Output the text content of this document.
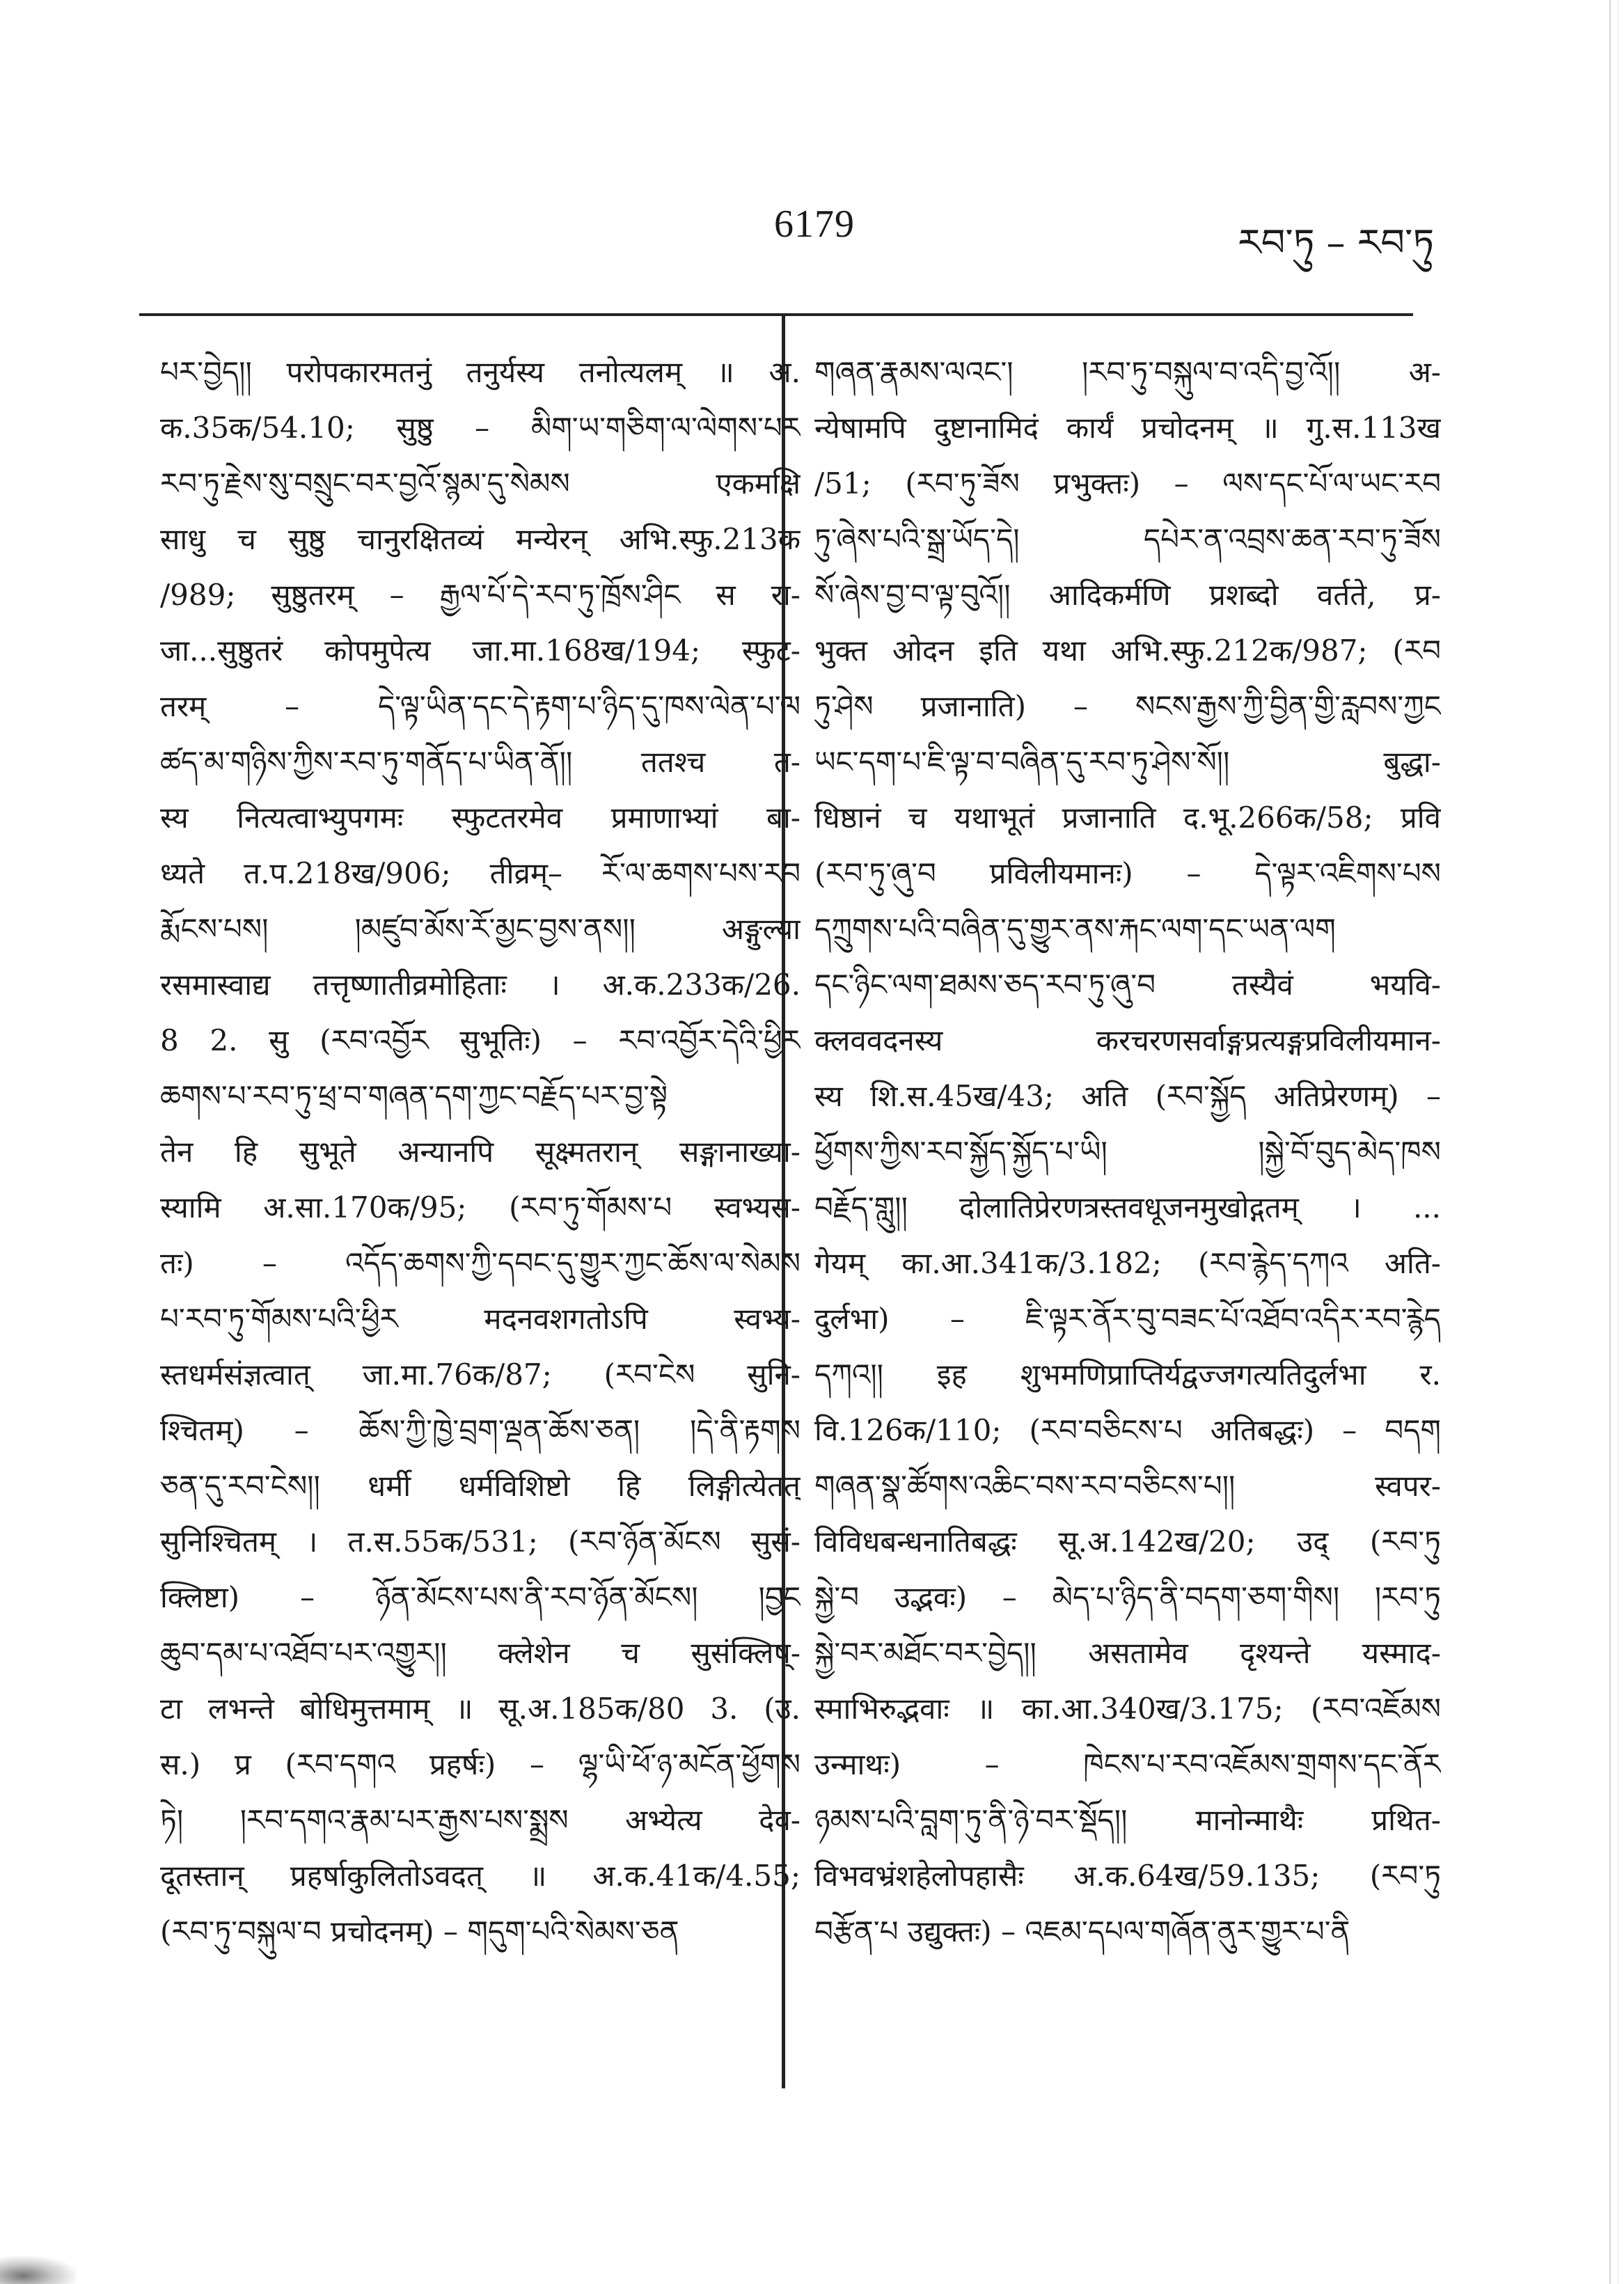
6179	རབ་ཏུ – རབ་ཏུ
པར་བྱེད།། परोपकारमतनुं तनुर्यस्य तनोत्यलम् ॥ अ.
क.35क/54.10; सुष्ठु – མིག་ཡ་གཅིག་ལ་ལེགས་པར
རབ་ཏུ་རྗེས་སུ་བསྲུང་བར་བྱའོ་སྙམ་དུ་སེམས एकमक्षि
साधु च सुष्ठु चानुरक्षितव्यं मन्येरन् अभि.स्फु.213क
/989; सुष्ठुतरम् – རྒྱལ་པོ་དེ་རབ་ཏུ་ཁྲོས་ཤིང स रा-
जा...सुष्ठुतरं कोपमुपेत्य जा.मा.168ख/194; स्फुट-
तरम् – དེ་ལྟ་ཡིན་དང་དེ་རྟག་པ་ཉིད་དུ་ཁས་ལེན་པ་ལ
ཚད་མ་གཉིས་ཀྱིས་རབ་ཏུ་གནོད་པ་ཡིན་ནོ།། ततश्च त-
स्य नित्यत्वाभ्युपगमः स्फुटतरमेव प्रमाणाभ्यां बा-
ध्यते त.प.218ख/906; तीव्रम्– རོ་ལ་ཆགས་པས་རབ
རྨོངས་པས། །མཛུབ་མོས་རོ་མྱང་བྱས་ནས།། अङ्गुल्या
रसमास्वाद्य तत्तृष्णातीव्रमोहिताः । अ.क.233क/26.
8 2. सु (རབ་འབྱོར सुभूतिः) – རབ་འབྱོར་དེའི་ཕྱིར
ཆགས་པ་རབ་ཏུ་ཕྲ་བ་གཞན་དག་ཀྱང་བརྗོད་པར་བྱ་སྟེ
तेन हि सुभूते अन्यानपि सूक्ष्मतरान् सङ्गानाख्या-
स्यामि अ.सा.170क/95; (རབ་ཏུ་གོམས་པ स्वभ्यस-
तः) – འདོད་ཆགས་ཀྱི་དབང་དུ་གྱུར་ཀྱང་ཆོས་ལ་སེམས
པ་རབ་ཏུ་གོམས་པའི་ཕྱིར मदनवशगतोऽपि स्वभ्य-
स्तधर्मसंज्ञत्वात् जा.मा.76क/87; (རབ་ངེས सुनि-
श्चितम्) – ཆོས་ཀྱི་ཁྱེ་བྲག་ལྡན་ཆོས་ཅན། །དེ་ནི་རྟགས
ཅན་དུ་རབ་ངེས།། धर्मी धर्मविशिष्टो हि लिङ्गीत्येतत्
सुनिश्चितम् । त.स.55क/531; (རབ་ཉོན་མོངས सुसं-
क्लिष्टा) – ཉོན་མོངས་པས་ནི་རབ་ཉོན་མོངས། །བྱང
ཆུབ་དམ་པ་འཐོབ་པར་འགྱུར།། क्लेशेन च सुसंक्लिष्-
टा लभन्ते बोधिमुत्तमाम् ॥ सू.अ.185क/80 3. (उ.
स.) प्र (རབ་དགའ प्रहर्षः) – ལྷ་ཡི་ཕོ་ཉ་མངོན་ཕྱོགས
ཏེ། །རབ་དགའ་རྣམ་པར་རྒྱས་པས་སྨྲས अभ्येत्य देव-
दूतस्तान् प्रहर्षाकुलितोऽवदत् ॥ अ.क.41क/4.55;
(རབ་ཏུ་བསྐུལ་བ प्रचोदनम्) – གདུག་པའི་སེམས་ཅན
གཞན་རྣམས་ལའང་། །རབ་ཏུ་བསྐུལ་བ་འདི་བྱ་འོ།། अ-
न्येषामपि दुष्टानामिदं कार्यं प्रचोदनम् ॥ गु.स.113ख
/51; (རབ་ཏུ་ཟོས प्रभुक्तः) – ལས་དང་པོ་ལ་ཡང་རབ
ཏུ་ཞེས་པའི་སྒྲ་ཡོད་དེ། དཔེར་ན་འབྲས་ཆན་རབ་ཏུ་ཟོས
སོ་ཞེས་བྱ་བ་ལྟ་བུའོ།། आदिकर्मणि प्रशब्दो वर्तते, प्र-
भुक्त ओदन इति यथा अभि.स्फु.212क/987; (རབ
ཏུ་ཤེས प्रजानाति) – སངས་རྒྱས་ཀྱི་བྱིན་གྱི་རླབས་ཀྱང
ཡང་དག་པ་ཇི་ལྟ་བ་བཞིན་དུ་རབ་ཏུ་ཤེས་སོ།། बुद्धा-
धिष्ठानं च यथाभूतं प्रजानाति द.भू.266क/58; प्रवि
(རབ་ཏུ་ཞུ་བ प्रविलीयमानः) – དེ་ལྟར་འཇིགས་པས
དཀྲུགས་པའི་བཞིན་དུ་གྱུར་ནས་རྐང་ལག་དང་ཡན་ལག
དང་ཉིང་ལག་ཐམས་ཅད་རབ་ཏུ་ཞུ་བ तस्यैवं भयवि-
क्लववदनस्य करचरणसर्वाङ्गप्रत्यङ्गप्रविलीयमान-
स्य शि.स.45ख/43; अति (རབ་སྐྱོད अतिप्रेरणम्) –
ཕྱོགས་ཀྱིས་རབ་སྐྱོད་སྐྱོད་པ་ཡི། །སྐྱེ་བོ་བུད་མེད་ཁས
བརྗོད་གླུ།། दोलातिप्रेरणत्रस्तवधूजनमुखोद्गतम् । ...
गेयम् का.आ.341क/3.182; (རབ་རྙེད་དཀའ अति-
दुर्लभा) – ཇི་ལྟར་ནོར་བུ་བཟང་པོ་འཐོབ་འདིར་རབ་རྙེད
དཀའ།། इह शुभमणिप्राप्तिर्यद्वज्जगत्यतिदुर्लभा र.
वि.126क/110; (རབ་བཅིངས་པ अतिबद्धः) – བདག
གཞན་སྣ་ཚོགས་འཆིང་བས་རབ་བཅིངས་པ།། स्वपर-
विविधबन्धनातिबद्धः सू.अ.142ख/20; उद् (རབ་ཏུ
སྐྱེ་བ उद्भवः) – མེད་པ་ཉིད་ནི་བདག་ཅག་གིས། །རབ་ཏུ
སྐྱེ་བར་མཐོང་བར་བྱེད།། असतामेव दृश्यन्ते यस्माद-
स्माभिरुद्भवाः ॥ का.आ.340ख/3.175; (རབ་འཇོམས
उन्माथः) – ཁེངས་པ་རབ་འཇོམས་གྲགས་དང་ནོར
ཉམས་པའི་བླག་ཏུ་ནི་ཉེ་བར་སྡོད།། मानोन्माथैः प्रथित-
विभवभ्रंशहेलोपहासैः अ.क.64ख/59.135; (རབ་ཏུ
བརྩོན་པ उद्युक्तः) – འཇམ་དཔལ་གཞོན་ནུར་གྱུར་པ་ནི
